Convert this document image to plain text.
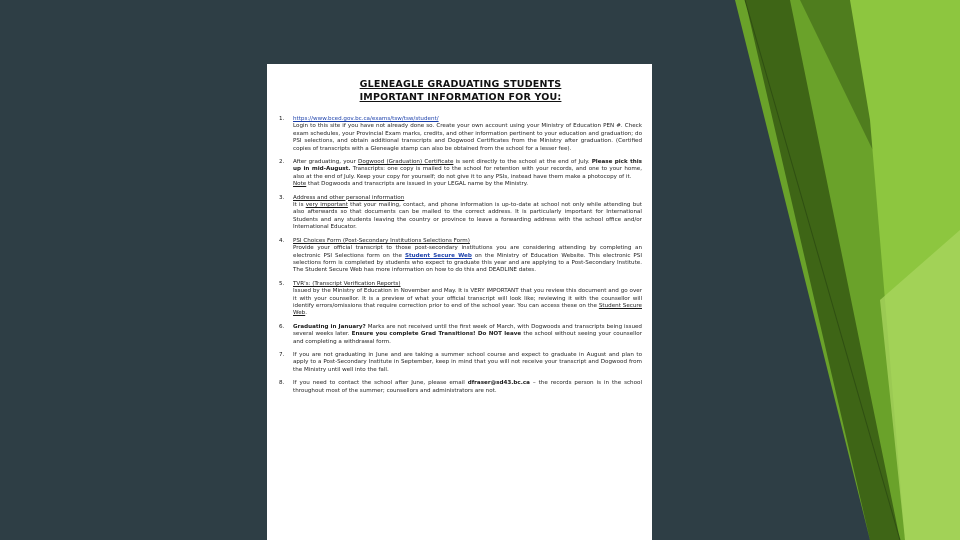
GLENEAGLE GRADUATING STUDENTS
IMPORTANT INFORMATION FOR YOU:
1.	https://www.bced.gov.bc.ca/exams/tsw/tsw/student/
Login to this site if you have not already done so. Create your own account using your Ministry of Education PEN #. Check exam schedules, your Provincial Exam marks, credits, and other information pertinent to your education and graduation; do PSI selections, and obtain additional transcripts and Dogwood Certificates from the Ministry after graduation. (Certified copies of transcripts with a Gleneagle stamp can also be obtained from the school for a lesser fee).
2.	After graduating, your Dogwood (Graduation) Certificate is sent directly to the school at the end of July. Please pick this up in mid-August. Transcripts: one copy is mailed to the school for retention with your records, and one to your home, also at the end of July. Keep your copy for yourself; do not give it to any PSIs, instead have them make a photocopy of it.
Note that Dogwoods and transcripts are issued in your LEGAL name by the Ministry.
3.	Address and other personal information
It is very important that your mailing, contact, and phone information is up-to-date at school not only while attending but also afterwards so that documents can be mailed to the correct address. It is particularly important for International Students and any students leaving the country or province to leave a forwarding address with the school office and/or International Educator.
4.	PSI Choices Form (Post-Secondary Institutions Selections Form)
Provide your official transcript to those post-secondary institutions you are considering attending by completing an electronic PSI Selections form on the Student Secure Web on the Ministry of Education Website. This electronic PSI selections form is completed by students who expect to graduate this year and are applying to a Post-Secondary Institute. The Student Secure Web has more information on how to do this and DEADLINE dates.
5.	TVR's: (Transcript Verification Reports)
Issued by the Ministry of Education in November and May. It is VERY IMPORTANT that you review this document and go over it with your counsellor. It is a preview of what your official transcript will look like; reviewing it with the counsellor will identify errors/omissions that require correction prior to end of the school year. You can access these on the Student Secure Web.
6.	Graduating in January? Marks are not received until the first week of March, with Dogwoods and transcripts being issued several weeks later. Ensure you complete Grad Transitions! Do NOT leave the school without seeing your counsellor and completing a withdrawal form.
7.	If you are not graduating in June and are taking a summer school course and expect to graduate in August and plan to apply to a Post-Secondary Institute in September, keep in mind that you will not receive your transcript and Dogwood from the Ministry until well into the fall.
8.	If you need to contact the school after June, please email dfraser@sd43.bc.ca – the records person is in the school throughout most of the summer; counsellors and administrators are not.
